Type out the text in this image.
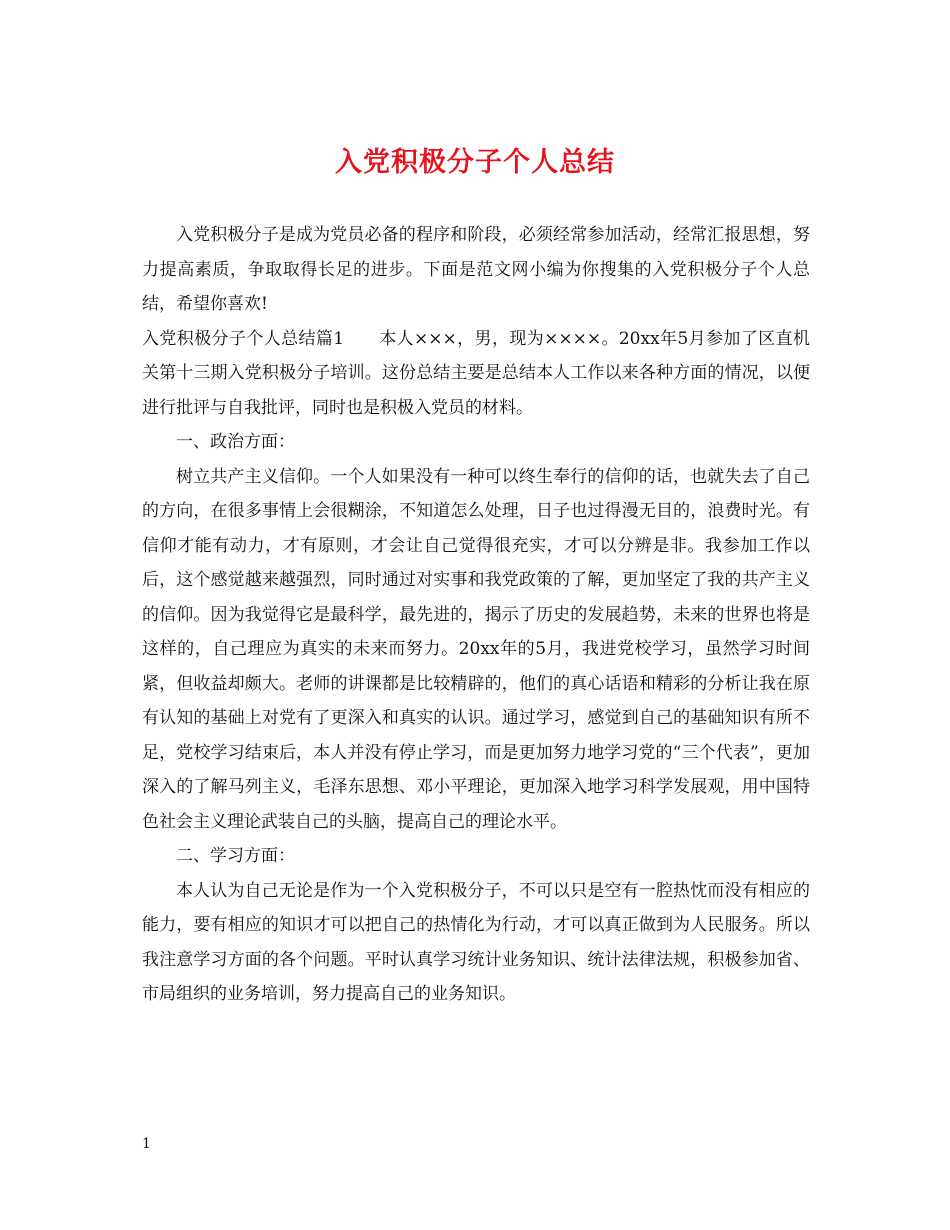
入党积极分子个人总结

入党积极分子是成为党员必备的程序和阶段，必须经常参加活动，经常汇报思想，努力提高素质，争取取得长足的进步。下面是范文网小编为你搜集的入党积极分子个人总结，希望你喜欢!

入党积极分子个人总结篇1　　本人×××，男，现为××××。20xx年5月参加了区直机关第十三期入党积极分子培训。这份总结主要是总结本人工作以来各种方面的情况，以便进行批评与自我批评，同时也是积极入党员的材料。

一、政治方面：

树立共产主义信仰。一个人如果没有一种可以终生奉行的信仰的话，也就失去了自己的方向，在很多事情上会很糊涂，不知道怎么处理，日子也过得漫无目的，浪费时光。有信仰才能有动力，才有原则，才会让自己觉得很充实，才可以分辨是非。我参加工作以后，这个感觉越来越强烈，同时通过对实事和我党政策的了解，更加坚定了我的共产主义的信仰。因为我觉得它是最科学，最先进的，揭示了历史的发展趋势，未来的世界也将是这样的，自己理应为真实的未来而努力。20xx年的5月，我进党校学习，虽然学习时间紧，但收益却颇大。老师的讲课都是比较精辟的，他们的真心话语和精彩的分析让我在原有认知的基础上对党有了更深入和真实的认识。通过学习，感觉到自己的基础知识有所不足，党校学习结束后，本人并没有停止学习，而是更加努力地学习党的“三个代表”，更加深入的了解马列主义，毛泽东思想、邓小平理论，更加深入地学习科学发展观，用中国特色社会主义理论武装自己的头脑，提高自己的理论水平。

二、学习方面：

本人认为自己无论是作为一个入党积极分子，不可以只是空有一腔热忱而没有相应的能力，要有相应的知识才可以把自己的热情化为行动，才可以真正做到为人民服务。所以我注意学习方面的各个问题。平时认真学习统计业务知识、统计法律法规，积极参加省、市局组织的业务培训，努力提高自己的业务知识。

1
